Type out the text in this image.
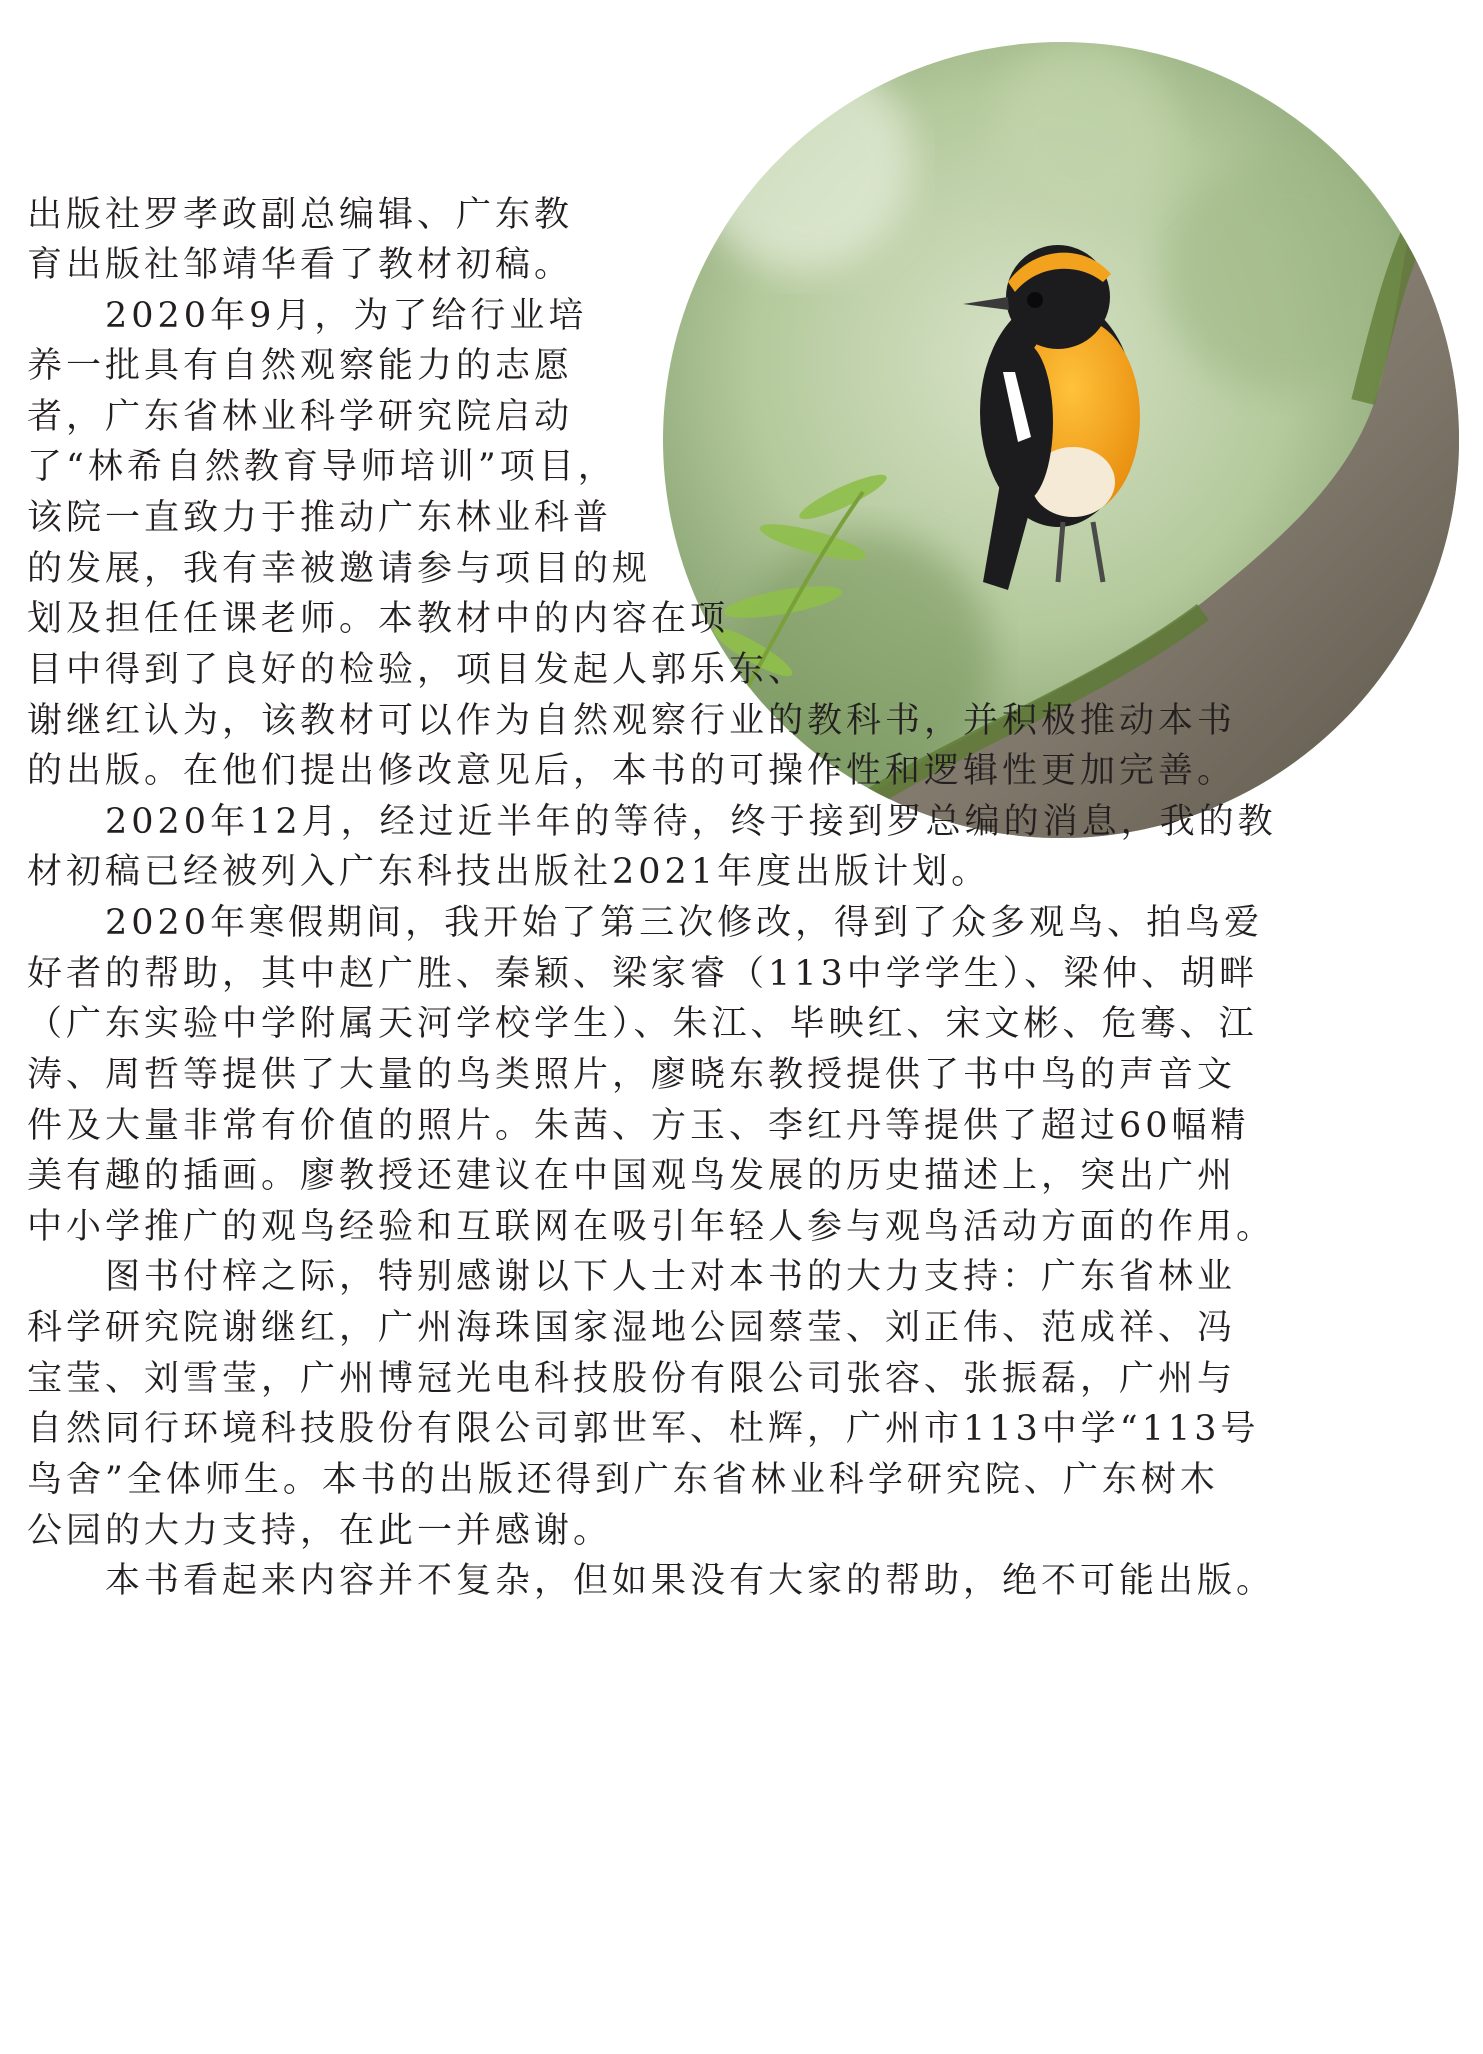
出版社罗孝政副总编辑、广东教
育出版社邹靖华看了教材初稿。
　　2020年9月，为了给行业培
养一批具有自然观察能力的志愿
者，广东省林业科学研究院启动
了“林希自然教育导师培训”项目，
该院一直致力于推动广东林业科普
的发展，我有幸被邀请参与项目的规
划及担任任课老师。本教材中的内容在项
目中得到了良好的检验，项目发起人郭乐东、
谢继红认为，该教材可以作为自然观察行业的教科书，并积极推动本书
的出版。在他们提出修改意见后，本书的可操作性和逻辑性更加完善。
　　2020年12月，经过近半年的等待，终于接到罗总编的消息，我的教
材初稿已经被列入广东科技出版社2021年度出版计划。
　　2020年寒假期间，我开始了第三次修改，得到了众多观鸟、拍鸟爱
好者的帮助，其中赵广胜、秦颖、梁家睿（113中学学生）、梁仲、胡畔
（广东实验中学附属天河学校学生）、朱江、毕映红、宋文彬、危骞、江
涛、周哲等提供了大量的鸟类照片，廖晓东教授提供了书中鸟的声音文
件及大量非常有价值的照片。朱茜、方玉、李红丹等提供了超过60幅精
美有趣的插画。廖教授还建议在中国观鸟发展的历史描述上，突出广州
中小学推广的观鸟经验和互联网在吸引年轻人参与观鸟活动方面的作用。
　　图书付梓之际，特别感谢以下人士对本书的大力支持：广东省林业
科学研究院谢继红，广州海珠国家湿地公园蔡莹、刘正伟、范成祥、冯
宝莹、刘雪莹，广州博冠光电科技股份有限公司张容、张振磊，广州与
自然同行环境科技股份有限公司郭世军、杜辉，广州市113中学“113号
鸟舍”全体师生。本书的出版还得到广东省林业科学研究院、广东树木
公园的大力支持，在此一并感谢。
　　本书看起来内容并不复杂，但如果没有大家的帮助，绝不可能出版。
